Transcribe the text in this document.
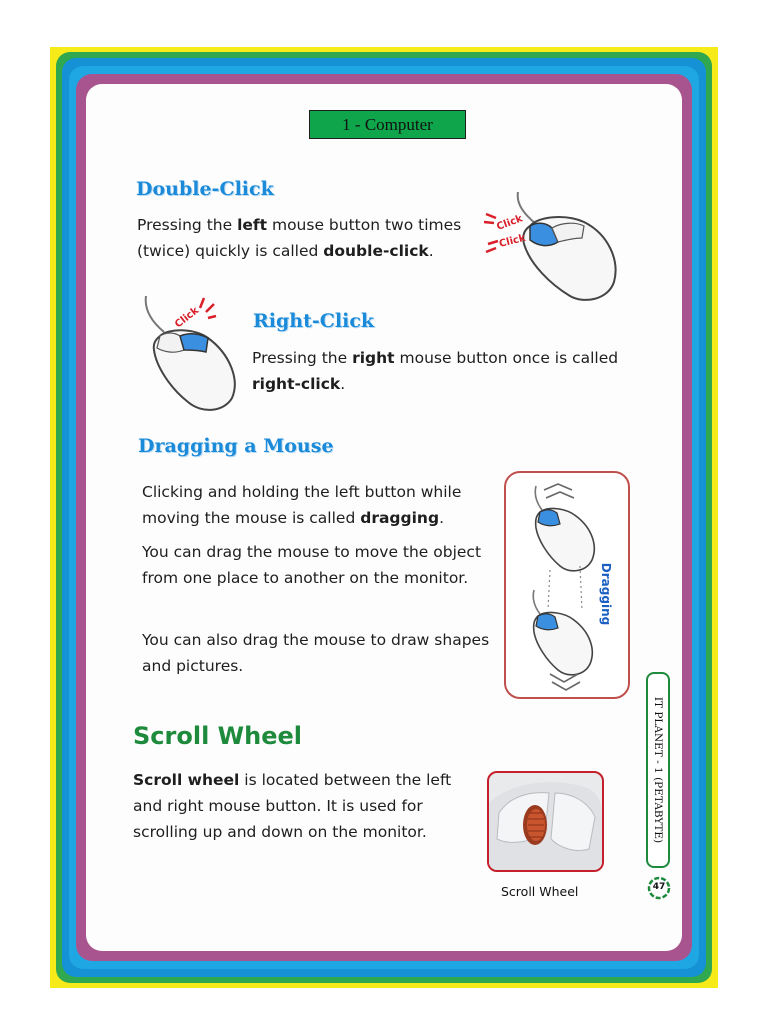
1 - Computer
Double-Click

Pressing the left mouse button two times (twice) quickly is called double-click.

Click
Click
Click	Right-Click

Pressing the right mouse button once is called right-click.

Dragging a Mouse

Clicking and holding the left button while moving the mouse is called dragging.

You can drag the mouse to move the object from one place to another on the monitor.

You can also drag the mouse to draw shapes and pictures.

Dragging
Scroll Wheel

Scroll wheel is located between the left and right mouse button. It is used for scrolling up and down on the monitor.

Scroll Wheel
IT PLANET - 1 (PETABYTE)
47
